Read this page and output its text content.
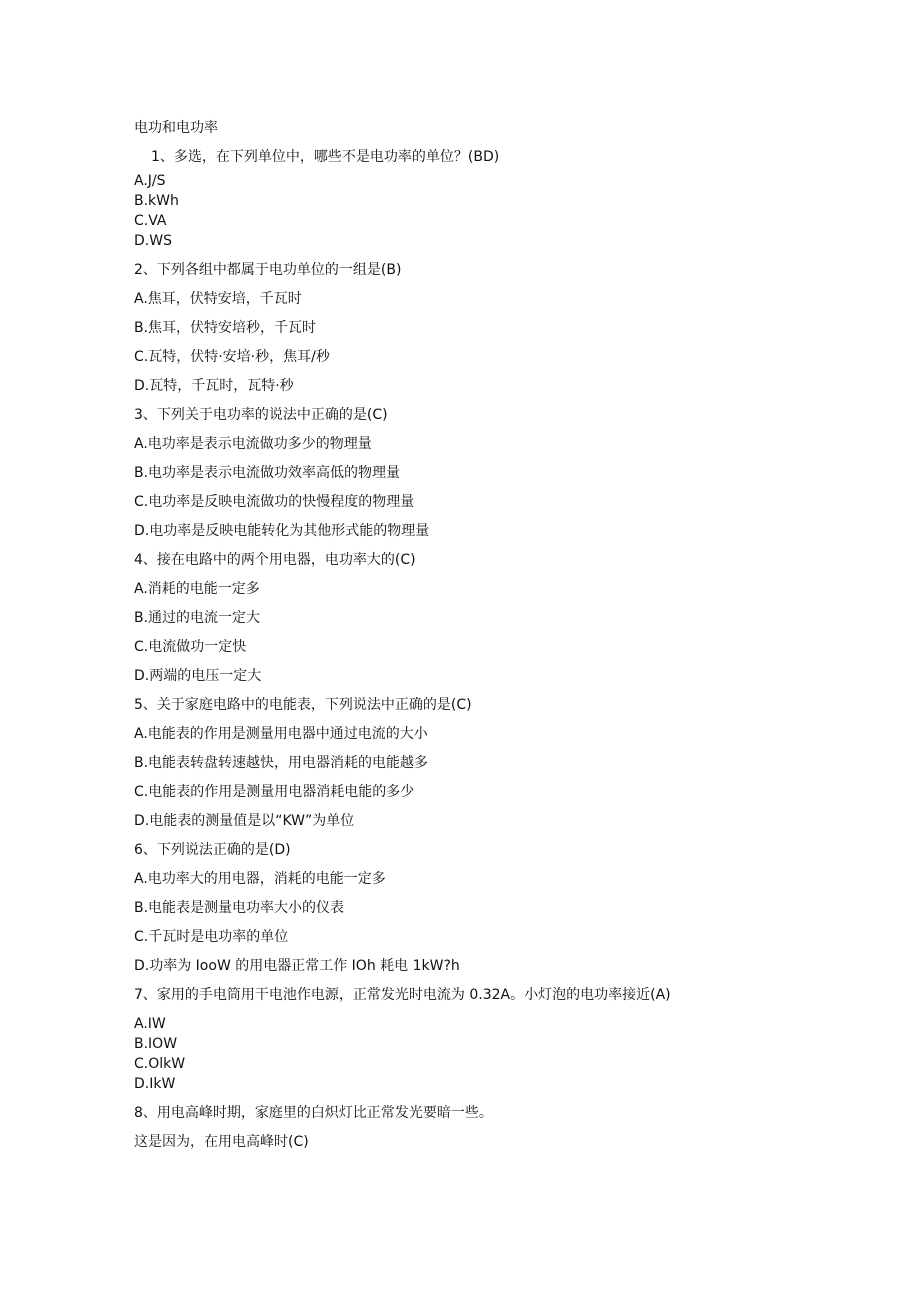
电功和电功率
1、多选，在下列单位中，哪些不是电功率的单位？(BD)
A.J/S
B.kWh
C.VA
D.WS
2、下列各组中都属于电功单位的一组是(B)
A.焦耳，伏特安培，千瓦时
B.焦耳，伏特安培秒，千瓦时
C.瓦特，伏特·安培·秒，焦耳/秒
D.瓦特，千瓦时，瓦特·秒
3、下列关于电功率的说法中正确的是(C)
A.电功率是表示电流做功多少的物理量
B.电功率是表示电流做功效率高低的物理量
C.电功率是反映电流做功的快慢程度的物理量
D.电功率是反映电能转化为其他形式能的物理量
4、接在电路中的两个用电器，电功率大的(C)
A.消耗的电能一定多
B.通过的电流一定大
C.电流做功一定快
D.两端的电压一定大
5、关于家庭电路中的电能表，下列说法中正确的是(C)
A.电能表的作用是测量用电器中通过电流的大小
B.电能表转盘转速越快，用电器消耗的电能越多
C.电能表的作用是测量用电器消耗电能的多少
D.电能表的测量值是以“KW”为单位
6、下列说法正确的是(D)
A.电功率大的用电器，消耗的电能一定多
B.电能表是测量电功率大小的仪表
C.千瓦时是电功率的单位
D.功率为 IooW 的用电器正常工作 IOh 耗电 1kW?h
7、家用的手电筒用干电池作电源，正常发光时电流为 0.32A。小灯泡的电功率接近(A)
A.IW
B.IOW
C.OlkW
D.IkW
8、用电高峰时期，家庭里的白炽灯比正常发光要暗一些。
这是因为，在用电高峰时(C)
